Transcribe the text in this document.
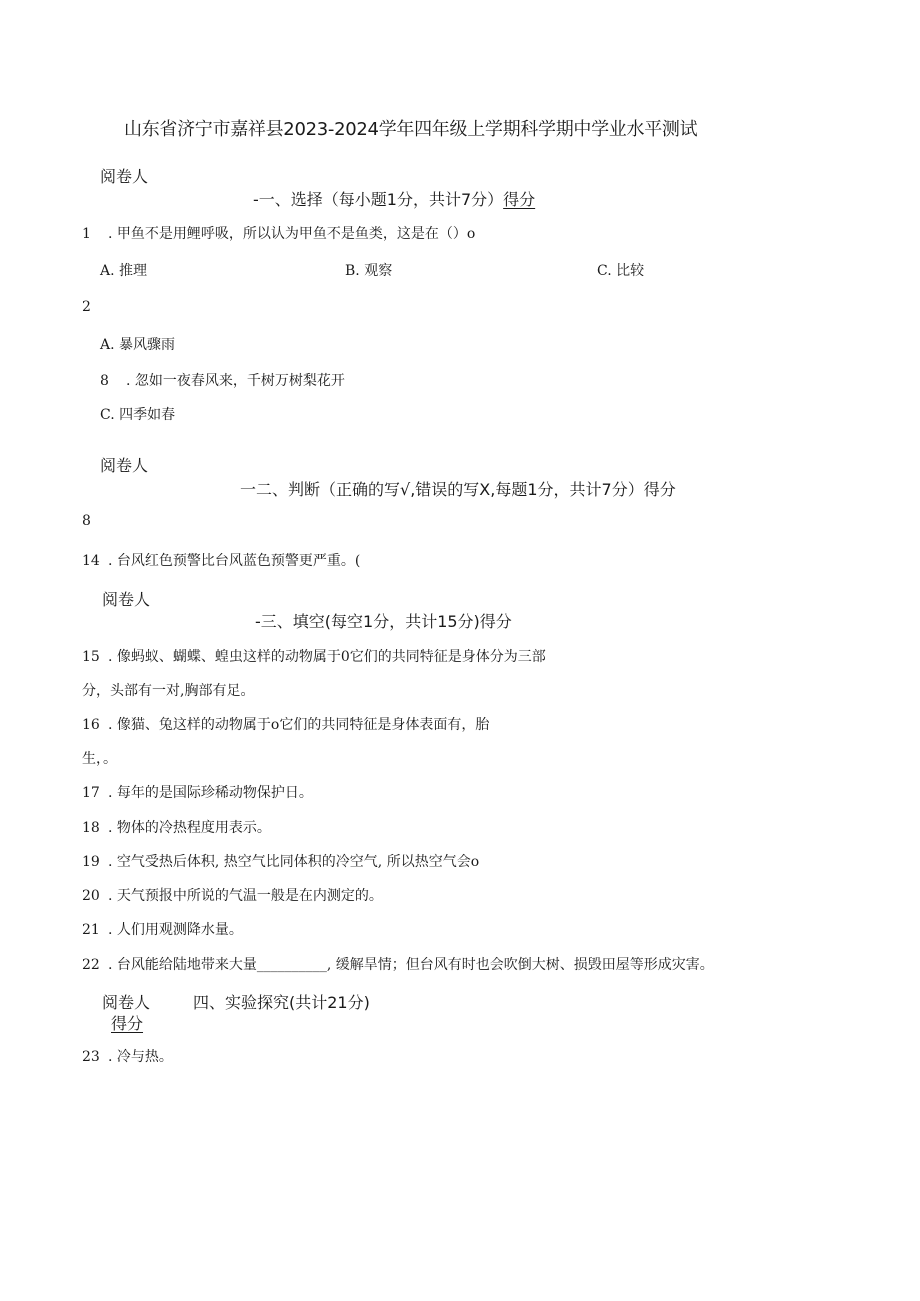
山东省济宁市嘉祥县2023-2024学年四年级上学期科学期中学业水平测试
阅卷人
-一、选择（每小题1分，共计7分）得分
1 . 甲鱼不是用鲤呼吸，所以认为甲鱼不是鱼类，这是在（）o
A. 推理	B. 观察	C. 比较
2
A. 暴风骤雨
8 . 忽如一夜春风来，千树万树梨花开
C. 四季如春
阅卷人
一二、判断（正确的写√,错误的写X,每题1分，共计7分）得分
8
14 . 台风红色预警比台风蓝色预警更严重。(
阅卷人
-三、填空(每空1分，共计15分)得分
15 . 像蚂蚁、蝴蝶、蝗虫这样的动物属于0它们的共同特征是身体分为三部
分，头部有一对,胸部有足。
16 . 像猫、兔这样的动物属于o它们的共同特征是身体表面有，胎
生，。
17 . 每年的是国际珍稀动物保护日。
18 . 物体的冷热程度用表示。
19 . 空气受热后体积, 热空气比同体积的冷空气, 所以热空气会o
20 . 天气预报中所说的气温一般是在内测定的。
21 . 人们用观测降水量。
22 . 台风能给陆地带来大量__________, 缓解旱情；但台风有时也会吹倒大树、损毁田屋等形成灾害。
阅卷人	四、实验探究(共计21分)
得分
23 . 冷与热。
